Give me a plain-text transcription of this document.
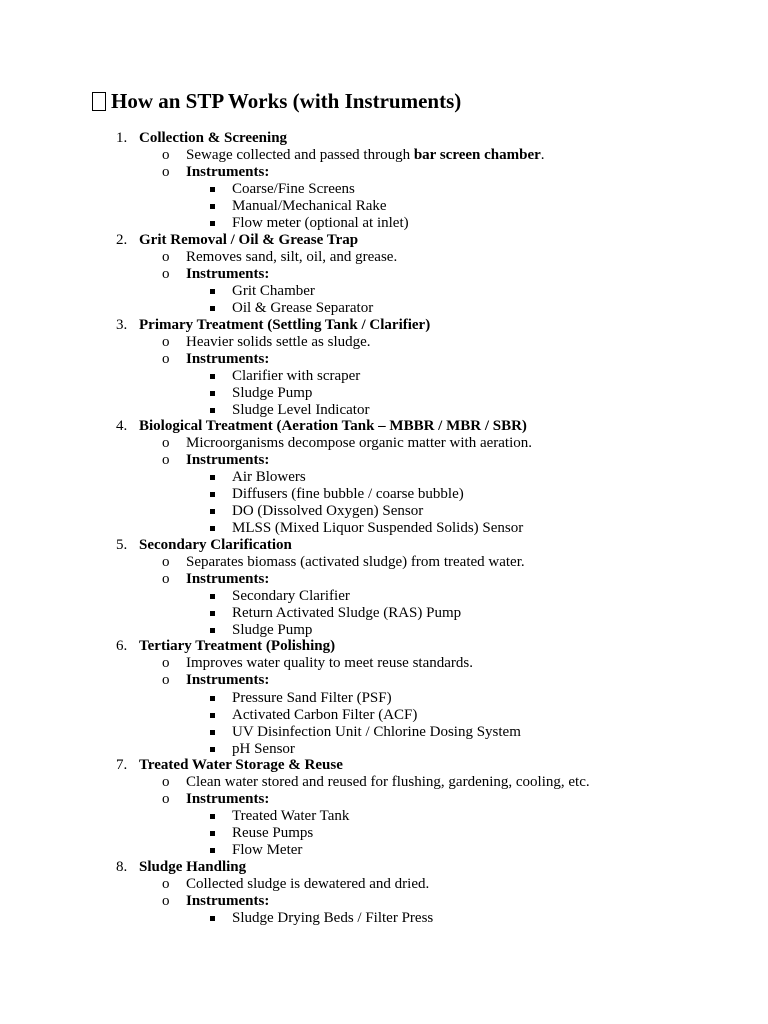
How an STP Works (with Instruments)
1. Collection & Screening
o Sewage collected and passed through bar screen chamber.
o Instruments:
Coarse/Fine Screens
Manual/Mechanical Rake
Flow meter (optional at inlet)
2. Grit Removal / Oil & Grease Trap
o Removes sand, silt, oil, and grease.
o Instruments:
Grit Chamber
Oil & Grease Separator
3. Primary Treatment (Settling Tank / Clarifier)
o Heavier solids settle as sludge.
o Instruments:
Clarifier with scraper
Sludge Pump
Sludge Level Indicator
4. Biological Treatment (Aeration Tank – MBBR / MBR / SBR)
o Microorganisms decompose organic matter with aeration.
o Instruments:
Air Blowers
Diffusers (fine bubble / coarse bubble)
DO (Dissolved Oxygen) Sensor
MLSS (Mixed Liquor Suspended Solids) Sensor
5. Secondary Clarification
o Separates biomass (activated sludge) from treated water.
o Instruments:
Secondary Clarifier
Return Activated Sludge (RAS) Pump
Sludge Pump
6. Tertiary Treatment (Polishing)
o Improves water quality to meet reuse standards.
o Instruments:
Pressure Sand Filter (PSF)
Activated Carbon Filter (ACF)
UV Disinfection Unit / Chlorine Dosing System
pH Sensor
7. Treated Water Storage & Reuse
o Clean water stored and reused for flushing, gardening, cooling, etc.
o Instruments:
Treated Water Tank
Reuse Pumps
Flow Meter
8. Sludge Handling
o Collected sludge is dewatered and dried.
o Instruments:
Sludge Drying Beds / Filter Press
